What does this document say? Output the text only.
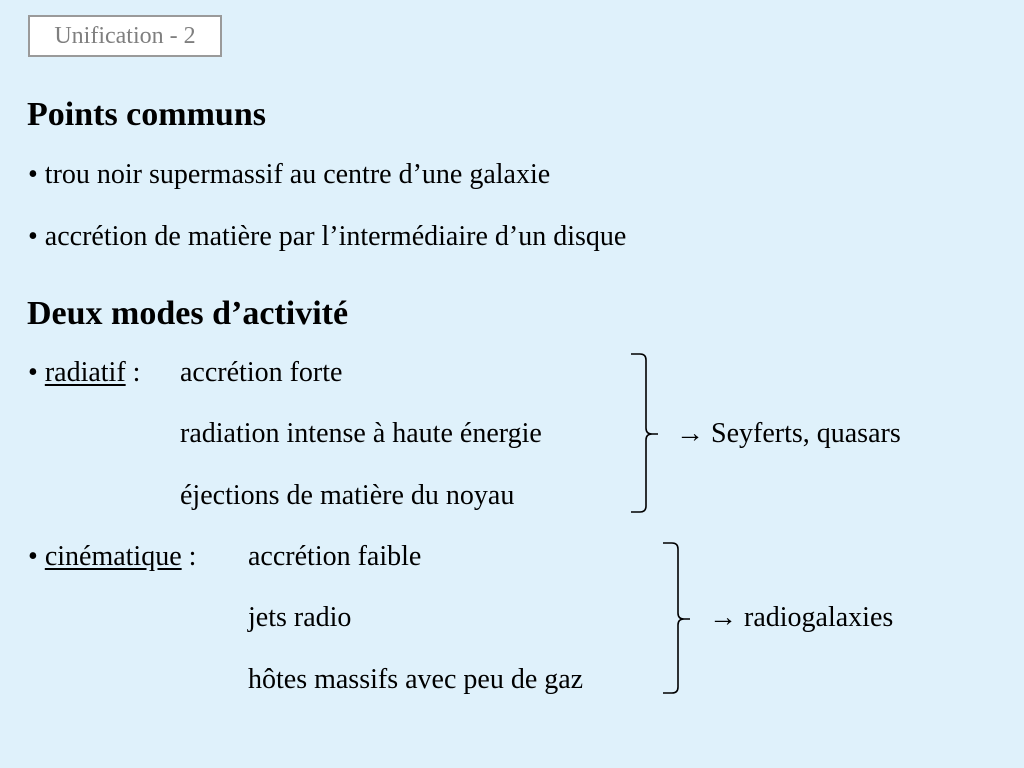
Unification - 2
Points communs
• trou noir supermassif au centre d’une galaxie
• accrétion de matière par l’intermédiaire d’un disque
Deux modes d’activité
• radiatif : accrétion forte
radiation intense à haute énergie
éjections de matière du noyau
→ Seyferts, quasars
• cinématique : accrétion faible
jets radio
hôtes massifs avec peu de gaz
→ radiogalaxies
